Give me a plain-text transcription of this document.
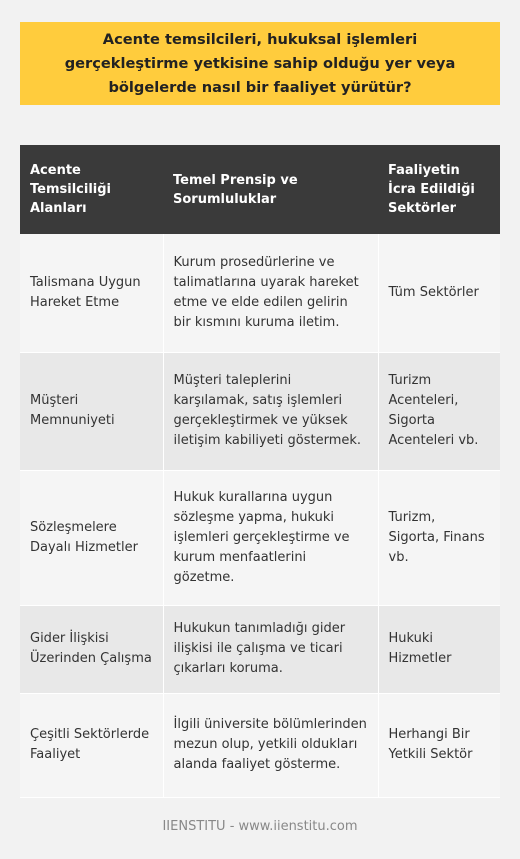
Acente temsilcileri, hukuksal işlemleri gerçekleştirme yetkisine sahip olduğu yer veya bölgelerde nasıl bir faaliyet yürütür?
Acente Temsilciliği Alanları	Temel Prensip ve Sorumluluklar	Faaliyetin İcra Edildiği Sektörler
Talismana Uygun Hareket Etme	Kurum prosedürlerine ve talimatlarına uyarak hareket etme ve elde edilen gelirin bir kısmını kuruma iletim.	Tüm Sektörler
Müşteri Memnuniyeti	Müşteri taleplerini karşılamak, satış işlemleri gerçekleştirmek ve yüksek iletişim kabiliyeti göstermek.	Turizm Acenteleri, Sigorta Acenteleri vb.
Sözleşmelere Dayalı Hizmetler	Hukuk kurallarına uygun sözleşme yapma, hukuki işlemleri gerçekleştirme ve kurum menfaatlerini gözetme.	Turizm, Sigorta, Finans vb.
Gider İlişkisi Üzerinden Çalışma	Hukukun tanımladığı gider ilişkisi ile çalışma ve ticari çıkarları koruma.	Hukuki Hizmetler
Çeşitli Sektörlerde Faaliyet	İlgili üniversite bölümlerinden mezun olup, yetkili oldukları alanda faaliyet gösterme.	Herhangi Bir Yetkili Sektör
IIENSTITU - www.iienstitu.com
